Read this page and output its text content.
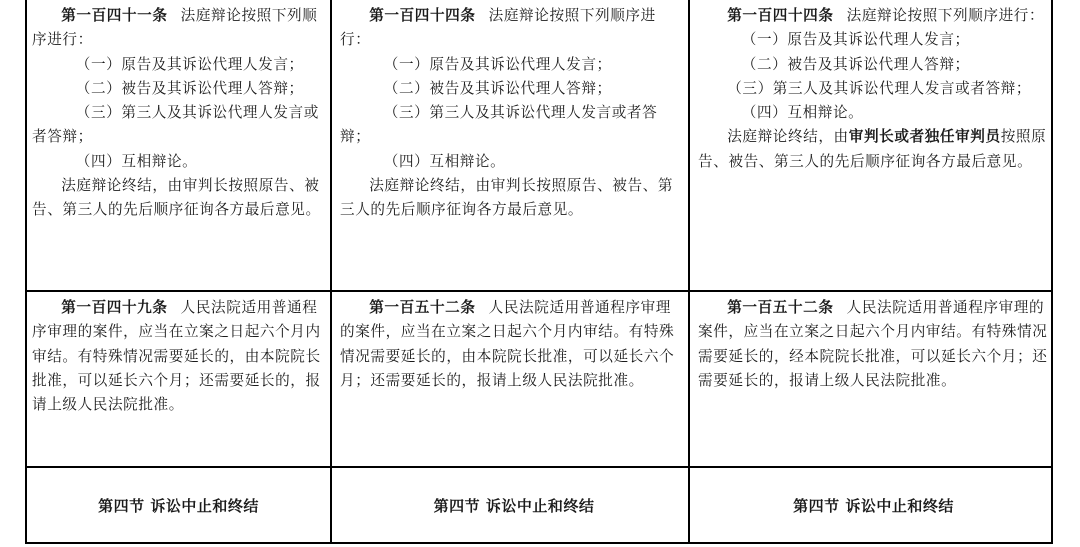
第一百四十一条 法庭辩论按照下列顺序进行：

（一）原告及其诉讼代理人发言；

（二）被告及其诉讼代理人答辩；

（三）第三人及其诉讼代理人发言或者答辩；

（四）互相辩论。

法庭辩论终结，由审判长按照原告、被告、第三人的先后顺序征询各方最后意见。

第一百四十四条 法庭辩论按照下列顺序进行：

（一）原告及其诉讼代理人发言；

（二）被告及其诉讼代理人答辩；

（三）第三人及其诉讼代理人发言或者答辩；

（四）互相辩论。

法庭辩论终结，由审判长按照原告、被告、第三人的先后顺序征询各方最后意见。

第一百四十四条 法庭辩论按照下列顺序进行：

（一）原告及其诉讼代理人发言；

（二）被告及其诉讼代理人答辩；

（三）第三人及其诉讼代理人发言或者答辩；

（四）互相辩论。

法庭辩论终结，由审判长或者独任审判员按照原告、被告、第三人的先后顺序征询各方最后意见。

第一百四十九条 人民法院适用普通程序审理的案件，应当在立案之日起六个月内审结。有特殊情况需要延长的，由本院院长批准，可以延长六个月；还需要延长的，报请上级人民法院批准。

第一百五十二条 人民法院适用普通程序审理的案件，应当在立案之日起六个月内审结。有特殊情况需要延长的，由本院院长批准，可以延长六个月；还需要延长的，报请上级人民法院批准。

第一百五十二条 人民法院适用普通程序审理的案件，应当在立案之日起六个月内审结。有特殊情况需要延长的，经本院院长批准，可以延长六个月；还需要延长的，报请上级人民法院批准。

第四节 诉讼中止和终结	第四节 诉讼中止和终结	第四节 诉讼中止和终结
